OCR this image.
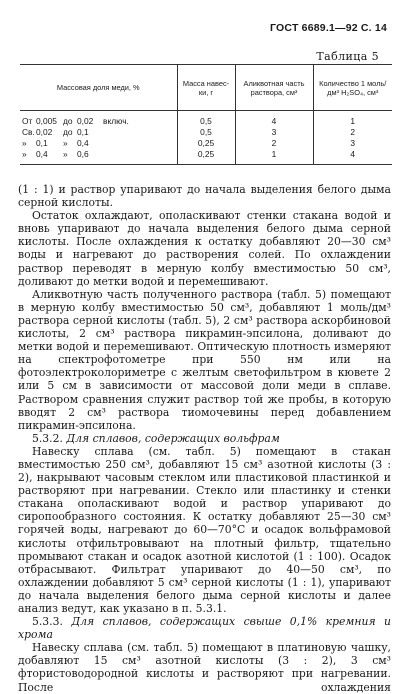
ГОСТ 6689.1—92 С. 14
Таблица 5
Массовая доля меди, %	Масса навес-ки, г	Аликвотная часть раствора, см³	Количество 1 моль/дм³ H₂SO₄, см³
От 0,005 до 0,02 включ.	0,5	4	1
Св.0,02 до 0,1	0,5	3	2
» 0,1 » 0,4	0,25	2	3
» 0,4 » 0,6	0,25	1	4

(1 : 1) и раствор упаривают до начала выделения белого дыма серной кислоты.

Остаток охлаждают, ополаскивают стенки стакана водой и вновь упаривают до начала выделения белого дыма серной кислоты. После охлаждения к остатку добавляют 20—30 см³ воды и нагревают до растворения солей. По охлаждении раствор переводят в мерную колбу вместимостью 50 см³, доливают до метки водой и перемешивают.

Аликвотную часть полученного раствора (табл. 5) помещают в мерную колбу вместимостью 50 см³, добавляют 1 моль/дм³ раствора серной кислоты (табл. 5), 2 см³ раствора аскорбиновой кислоты, 2 см³ раствора пикрамин-эпсилона, доливают до метки водой и перемешивают. Оптическую плотность измеряют на спектрофотометре при 550 нм или на фотоэлектроколориметре с желтым светофильтром в кювете 2 или 5 см в зависимости от массовой доли меди в сплаве. Раствором сравнения служит раствор той же пробы, в которую вводят 2 см³ раствора тиомочевины перед добавлением пикрамин-эпсилона.

5.3.2. Для сплавов, содержащих вольфрам

Навеску сплава (см. табл. 5) помещают в стакан вместимостью 250 см³, добавляют 15 см³ азотной кислоты (3 : 2), накрывают часовым стеклом или пластиковой пластинкой и растворяют при нагревании. Стекло или пластинку и стенки стакана ополаскивают водой и раствор упаривают до сиропообразного состояния. К остатку добавляют 25—30 см³ горячей воды, нагревают до 60—70°С и осадок вольфрамовой кислоты отфильтровывают на плотный фильтр, тщательно промывают стакан и осадок азотной кислотой (1 : 100). Осадок отбрасывают. Фильтрат упаривают до 40—50 см³, по охлаждении добавляют 5 см³ серной кислоты (1 : 1), упаривают до начала выделения белого дыма серной кислоты и далее анализ ведут, как указано в п. 5.3.1.

5.3.3. Для сплавов, содержащих свыше 0,1% кремния и хрома

Навеску сплава (см. табл. 5) помещают в платиновую чашку, добавляют 15 см³ азотной кислоты (3 : 2), 3 см³ фтористоводородной кислоты и растворяют при нагревании. После охлаждения
